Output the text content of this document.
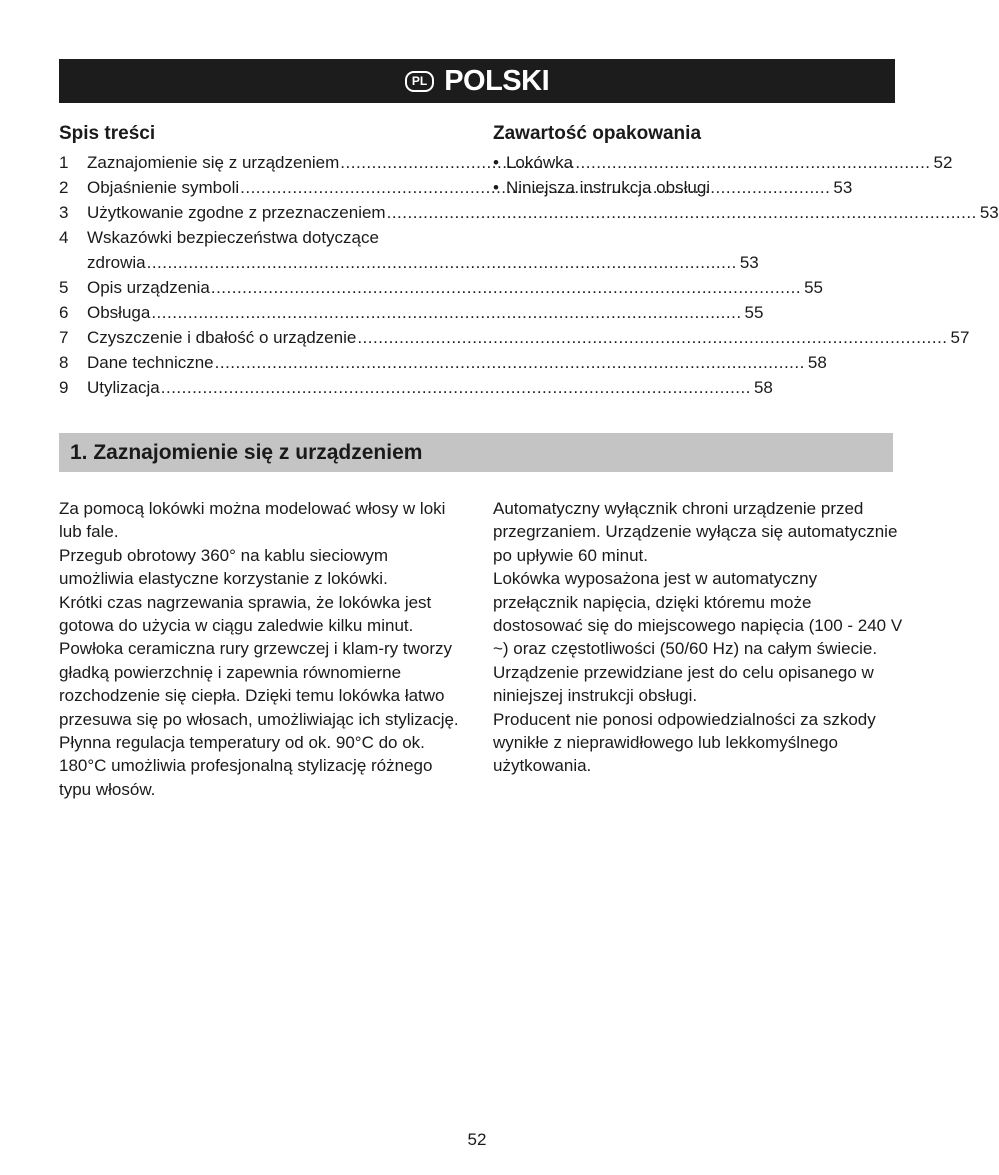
PL POLSKI
Spis treści
1	Zaznajomienie się z urządzeniem .....	52
2	Objaśnienie symboli .....	53
3	Użytkowanie zgodne z przeznaczeniem .....	53
4	Wskazówki bezpieczeństwa dotyczące
zdrowia .....	53
5	Opis urządzenia .....	55
6	Obsługa .....	55
7	Czyszczenie i dbałość o urządzenie .....	57
8	Dane techniczne .....	58
9	Utylizacja .....	58
Zawartość opakowania
• Lokówka
• Niniejsza instrukcja obsługi
1. Zaznajomienie się z urządzeniem

Za pomocą lokówki można modelować włosy w loki lub fale.

Przegub obrotowy 360° na kablu sieciowym umożliwia elastyczne korzystanie z lokówki.

Krótki czas nagrzewania sprawia, że lokówka jest gotowa do użycia w ciągu zaledwie kilku minut.

Powłoka ceramiczna rury grzewczej i klam-ry tworzy gładką powierzchnię i zapewnia równomierne rozchodzenie się ciepła. Dzięki temu lokówka łatwo przesuwa się po włosach, umożliwiając ich stylizację.

Płynna regulacja temperatury od ok. 90°C do ok. 180°C umożliwia profesjonalną stylizację różnego typu włosów.

Automatyczny wyłącznik chroni urządzenie przed przegrzaniem. Urządzenie wyłącza się automatycznie po upływie 60 minut.

Lokówka wyposażona jest w automatyczny przełącznik napięcia, dzięki któremu może dostosować się do miejscowego napięcia (100 - 240 V ~) oraz częstotliwości (50/60 Hz) na całym świecie.

Urządzenie przewidziane jest do celu opisanego w niniejszej instrukcji obsługi.

Producent nie ponosi odpowiedzialności za szkody wynikłe z nieprawidłowego lub lekkomyślnego użytkowania.

52
